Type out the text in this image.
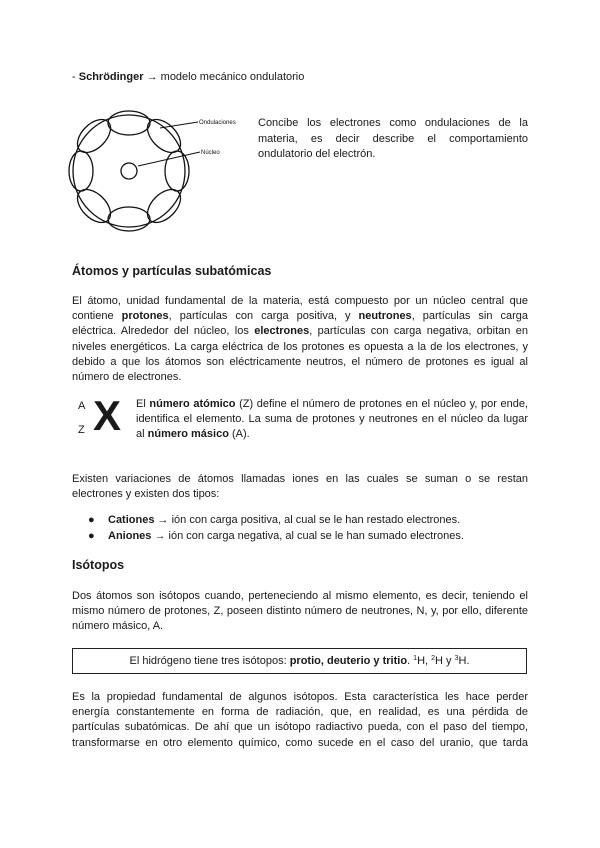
- Schrödinger → modelo mecánico ondulatorio
Ondulaciones
Núcleo
Concibe los electrones como ondulaciones de la
materia, es decir describe el comportamiento
ondulatorio del electrón.
Átomos y partículas subatómicas
El átomo, unidad fundamental de la materia, está compuesto por un núcleo central que
contiene protones, partículas con carga positiva, y neutrones, partículas sin carga
eléctrica. Alrededor del núcleo, los electrones, partículas con carga negativa, orbitan en
niveles energéticos. La carga eléctrica de los protones es opuesta a la de los electrones, y
debido a que los átomos son eléctricamente neutros, el número de protones es igual al
número de electrones.
A
Z X El número atómico (Z) define el número de protones en el núcleo y, por ende,
identifica el elemento. La suma de protones y neutrones en el núcleo da lugar
al número másico (A).
Existen variaciones de átomos llamadas iones en las cuales se suman o se restan
electrones y existen dos tipos:
● Cationes → ión con carga positiva, al cual se le han restado electrones.
● Aniones → ión con carga negativa, al cual se le han sumado electrones.
Isótopos
Dos átomos son isótopos cuando, perteneciendo al mismo elemento, es decir, teniendo el
mismo número de protones, Z, poseen distinto número de neutrones, N, y, por ello, diferente
número másico, A.
El hidrógeno tiene tres isótopos: protio, deuterio y tritio. $^1$H, $^2$H y $^3$H.
Es la propiedad fundamental de algunos isótopos. Esta característica les hace perder
energía constantemente en forma de radiación, que, en realidad, es una pérdida de
partículas subatómicas. De ahí que un isótopo radiactivo pueda, con el paso del tiempo,
transformarse en otro elemento químico, como sucede en el caso del uranio, que tarda
